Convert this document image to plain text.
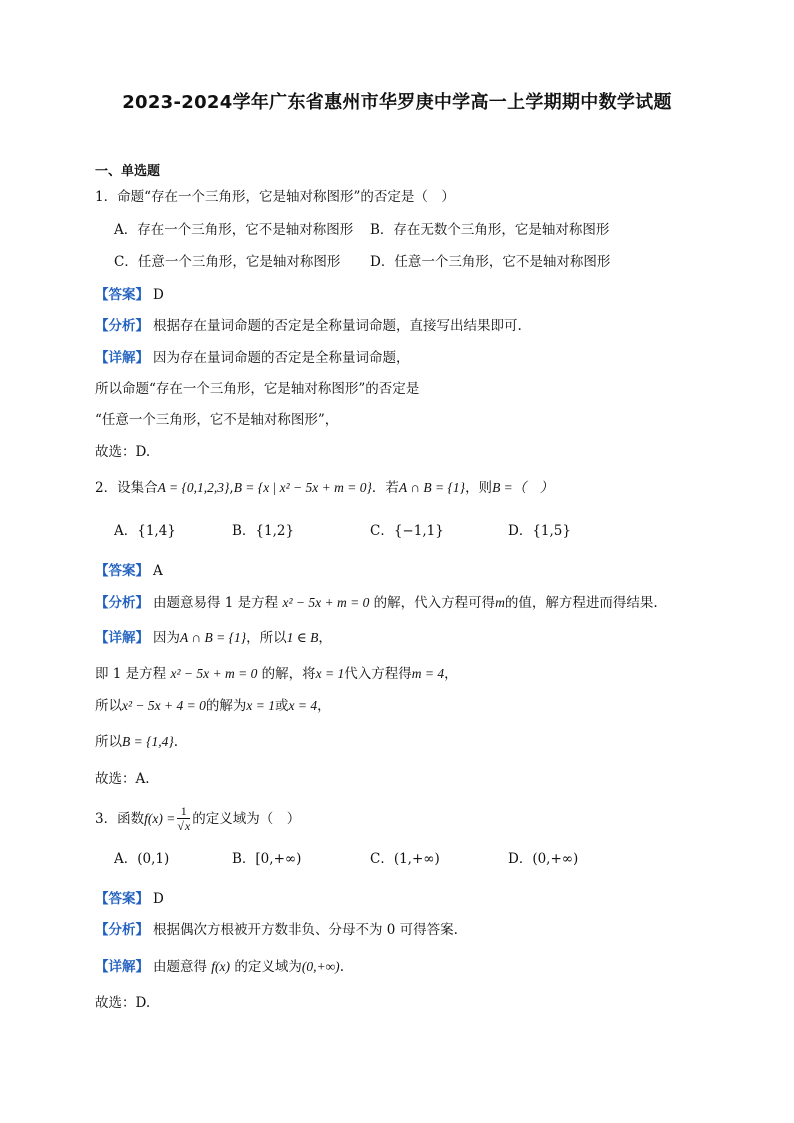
2023-2024学年广东省惠州市华罗庚中学高一上学期期中数学试题
一、单选题
1．命题“存在一个三角形，它是轴对称图形”的否定是（　）
A．存在一个三角形，它不是轴对称图形 B．存在无数个三角形，它是轴对称图形
C．任意一个三角形，它是轴对称图形 D．任意一个三角形，它不是轴对称图形
【答案】 D
【分析】 根据存在量词命题的否定是全称量词命题，直接写出结果即可.
【详解】 因为存在量词命题的否定是全称量词命题，
所以命题“存在一个三角形，它是轴对称图形”的否定是
“任意一个三角形，它不是轴对称图形”，
故选：D.
2．设集合A = {0,1,2,3},B = {x | x² − 5x + m = 0}．若A ∩ B = {1}，则B =（　）
A．{1,4}	B．{1,2}	C．{−1,1}	D．{1,5}
【答案】 A
【分析】 由题意易得 1 是方程 x² − 5x + m = 0 的解，代入方程可得m的值，解方程进而得结果.
【详解】 因为A ∩ B = {1}，所以1 ∈ B，
即 1 是方程 x² − 5x + m = 0 的解，将x = 1代入方程得m = 4，
所以x² − 5x + 4 = 0的解为x = 1或x = 4，
所以B = {1,4}.
故选：A.
3．函数$f(x) = \frac{1}{√x}$ 的定义域为（　）
A．(0,1)	B．[0,+∞)	C．(1,+∞)	D．(0,+∞)
【答案】 D
【分析】 根据偶次方根被开方数非负、分母不为 0 可得答案.
【详解】 由题意得 f(x) 的定义域为(0,+∞).
故选：D.
